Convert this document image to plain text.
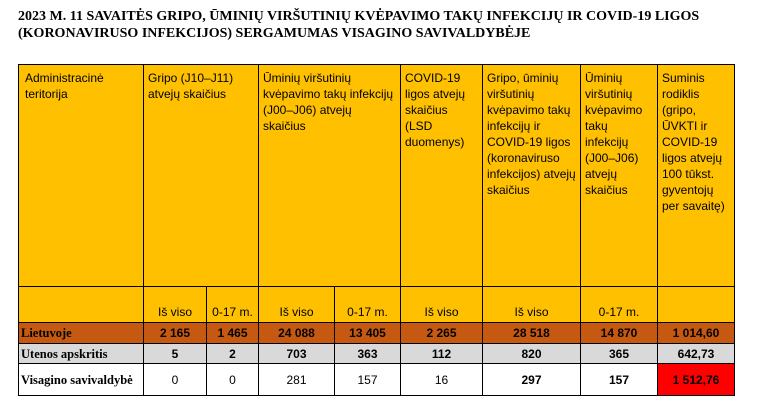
2023 M. 11 SAVAITĖS GRIPO, ŪMINIŲ VIRŠUTINIŲ KVĖPAVIMO TAKŲ INFEKCIJŲ IR COVID-19 LIGOS
(KORONAVIRUSO INFEKCIJOS) SERGAMUMAS VISAGINO SAVIVALDYBĖJE
Administracinė teritorija	Gripo (J10–J11) atvejų skaičius		Ūminių viršutinių kvėpavimo takų infekcijų (J00–J06) atvejų skaičius		COVID-19 ligos atvejų skaičius (LSD duomenys)	Gripo, ūminių viršutinių kvėpavimo takų infekcijų ir COVID-19 ligos (koronaviruso infekcijos) atvejų skaičius	Ūminių viršutinių kvėpavimo takų infekcijų (J00–J06) atvejų skaičius	Suminis rodiklis (gripo, ŪVKTI ir COVID-19 ligos atvejų 100 tūkst. gyventojų per savaitę)
	Iš viso	0-17 m.	Iš viso	0-17 m.	Iš viso	Iš viso	0-17 m.	
Lietuvoje	2 165	1 465	24 088	13 405	2 265	28 518	14 870	1 014,60
Utenos apskritis	5	2	703	363	112	820	365	642,73
Visagino savivaldybė	0	0	281	157	16	297	157	1 512,76
